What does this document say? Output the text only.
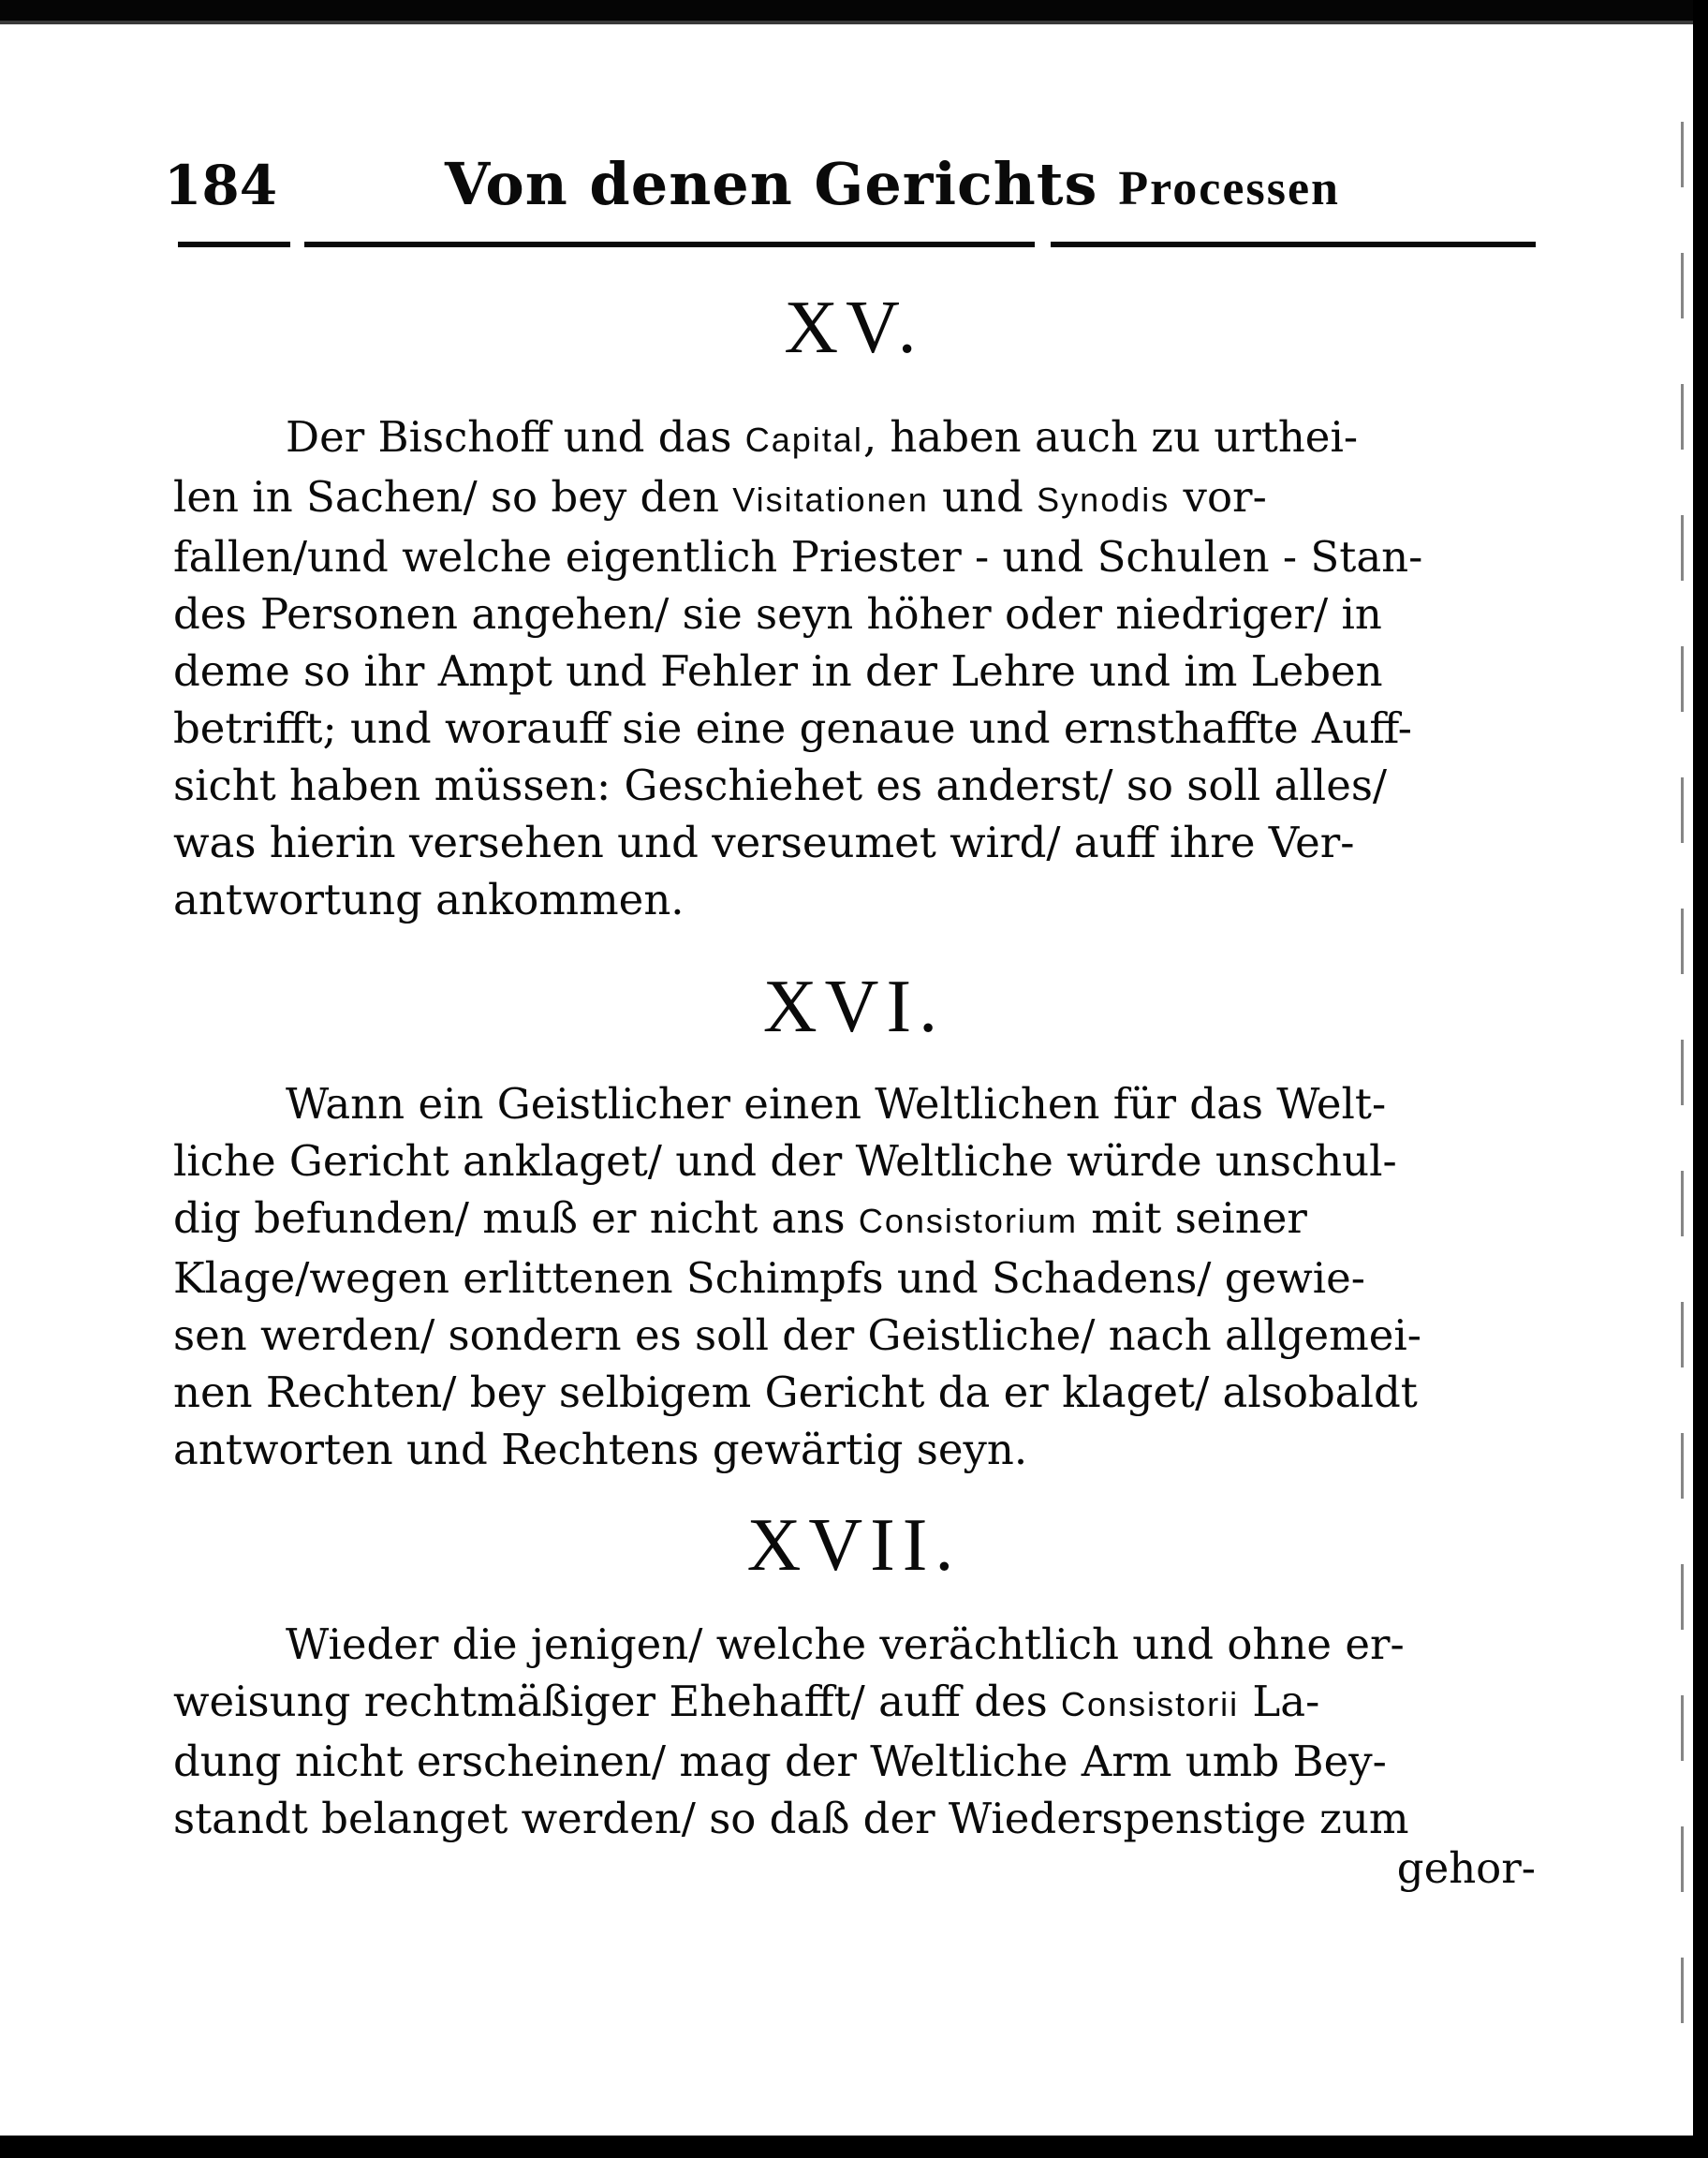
184	Von denen Gerichts Processen
XV.
Der Bischoff und das Capital, haben auch zu urthei-
len in Sachen/ so bey den Visitationen und Synodis vor-
fallen/und welche eigentlich Priester - und Schulen - Stan-
des Personen angehen/ sie seyn höher oder niedriger/ in
deme so ihr Ampt und Fehler in der Lehre und im Leben
betrifft; und worauff sie eine genaue und ernsthaffte Auff-
sicht haben müssen: Geschiehet es anderst/ so soll alles/
was hierin versehen und verseumet wird/ auff ihre Ver-
antwortung ankommen.
XVI.
Wann ein Geistlicher einen Weltlichen für das Welt-
liche Gericht anklaget/ und der Weltliche würde unschul-
dig befunden/ muß er nicht ans Consistorium mit seiner
Klage/wegen erlittenen Schimpfs und Schadens/ gewie-
sen werden/ sondern es soll der Geistliche/ nach allgemei-
nen Rechten/ bey selbigem Gericht da er klaget/ alsobaldt
antworten und Rechtens gewärtig seyn.
XVII.
Wieder die jenigen/ welche verächtlich und ohne er-
weisung rechtmäßiger Ehehafft/ auff des Consistorii La-
dung nicht erscheinen/ mag der Weltliche Arm umb Bey-
standt belanget werden/ so daß der Wiederspenstige zum
gehor-
